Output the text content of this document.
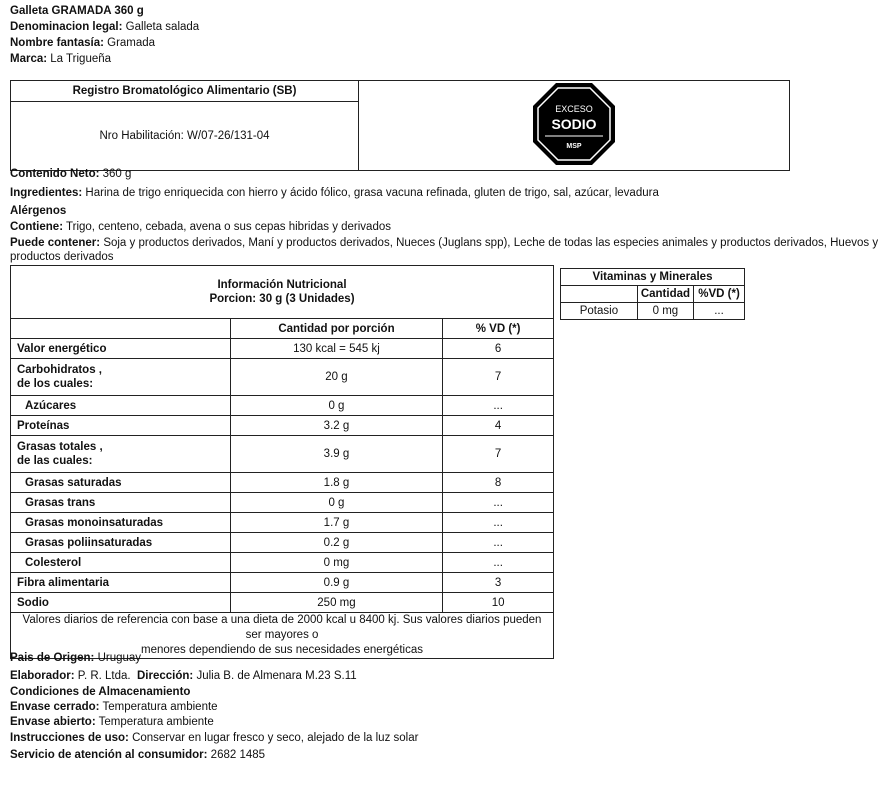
Galleta GRAMADA 360 g
Denominacion legal: Galleta salada
Nombre fantasía: Gramada
Marca: La Trigueña
Registro Bromatológico Alimentario (SB)	
EXCESO
SODIO
MSP

Nro Habilitación: W/07-26/131-04
Contenido Neto: 360 g
Ingredientes: Harina de trigo enriquecida con hierro y ácido fólico, grasa vacuna refinada, gluten de trigo, sal, azúcar, levadura
Alérgenos
Contiene: Trigo, centeno, cebada, avena o sus cepas hibridas y derivados
Puede contener: Soja y productos derivados, Maní y productos derivados, Nueces (Juglans spp), Leche de todas las especies animales y productos derivados, Huevos y
productos derivados
Información Nutricional
Porcion: 30 g (3 Unidades)		

	Cantidad por porción	% VD (*)
Valor energético	130 kcal = 545 kj	6

Carbohidratos ,
de los cuales:	20 g	7
Azúcares	0 g	...
Proteínas	3.2 g	4

Grasas totales ,
de las cuales:	3.9 g	7
Grasas saturadas	1.8 g	8
Grasas trans	0 g	...
Grasas monoinsaturadas	1.7 g	...
Grasas poliinsaturadas	0.2 g	...
Colesterol	0 mg	...
Fibra alimentaria	0.9 g	3
Sodio	250 mg	10

Valores diarios de referencia con base a una dieta de 2000 kcal u 8400 kj. Sus valores diarios pueden ser mayores o
menores dependiendo de sus necesidades energéticas		
Vitaminas y Minerales		
	Cantidad	%VD (*)
Potasio	0 mg	...
Pais de Origen: Uruguay
Elaborador: P. R. Ltda. Dirección: Julia B. de Almenara M.23 S.11
Condiciones de Almacenamiento
Envase cerrado: Temperatura ambiente
Envase abierto: Temperatura ambiente
Instrucciones de uso: Conservar en lugar fresco y seco, alejado de la luz solar
Servicio de atención al consumidor: 2682 1485
